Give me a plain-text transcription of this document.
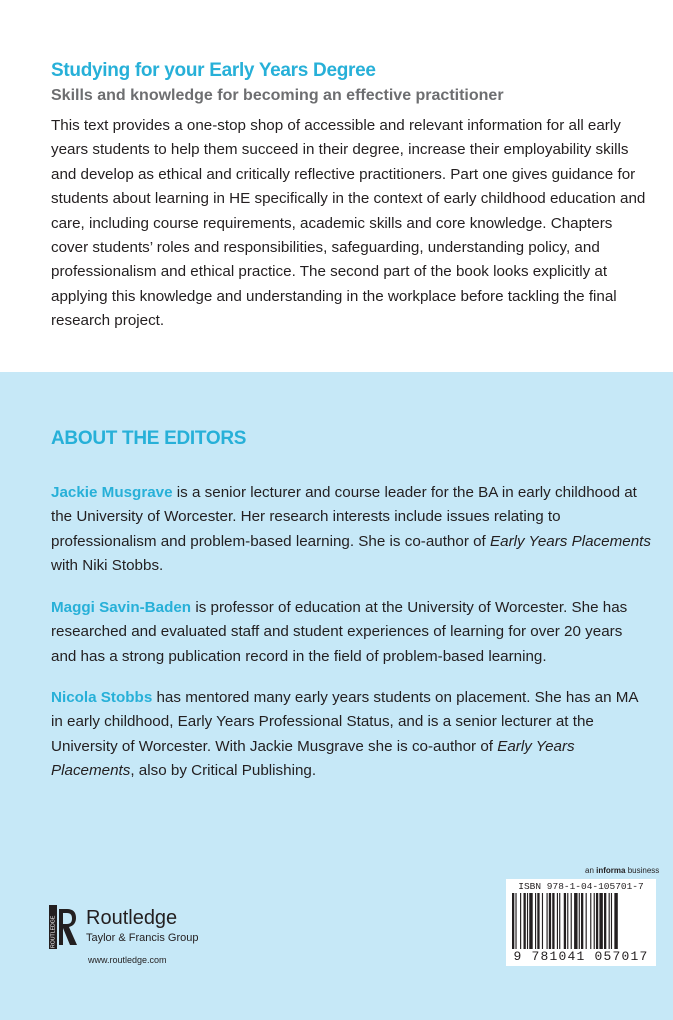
Studying for your Early Years Degree
Skills and knowledge for becoming an effective practitioner

This text provides a one-stop shop of accessible and relevant information for all early years students to help them succeed in their degree, increase their employability skills and develop as ethical and critically reflective practitioners. Part one gives guidance for students about learning in HE specifically in the context of early childhood education and care, including course requirements, academic skills and core knowledge. Chapters cover students’ roles and responsibilities, safeguarding, understanding policy, and professionalism and ethical practice. The second part of the book looks explicitly at applying this knowledge and understanding in the workplace before tackling the final research project.

ABOUT THE EDITORS

Jackie Musgrave is a senior lecturer and course leader for the BA in early childhood at the University of Worcester. Her research interests include issues relating to professionalism and problem-based learning. She is co-author of Early Years Placements with Niki Stobbs.

Maggi Savin-Baden is professor of education at the University of Worcester. She has researched and evaluated staff and student experiences of learning for over 20 years and has a strong publication record in the field of problem-based learning.

Nicola Stobbs has mentored many early years students on placement. She has an MA in early childhood, Early Years Professional Status, and is a senior lecturer at the University of Worcester. With Jackie Musgrave she is co-author of Early Years Placements, also by Critical Publishing.

ROUTLEDGE Routledge
Taylor & Francis Group
www.routledge.com
an informa business
ISBN 978-1-04-105701-7
9 781041 057017
